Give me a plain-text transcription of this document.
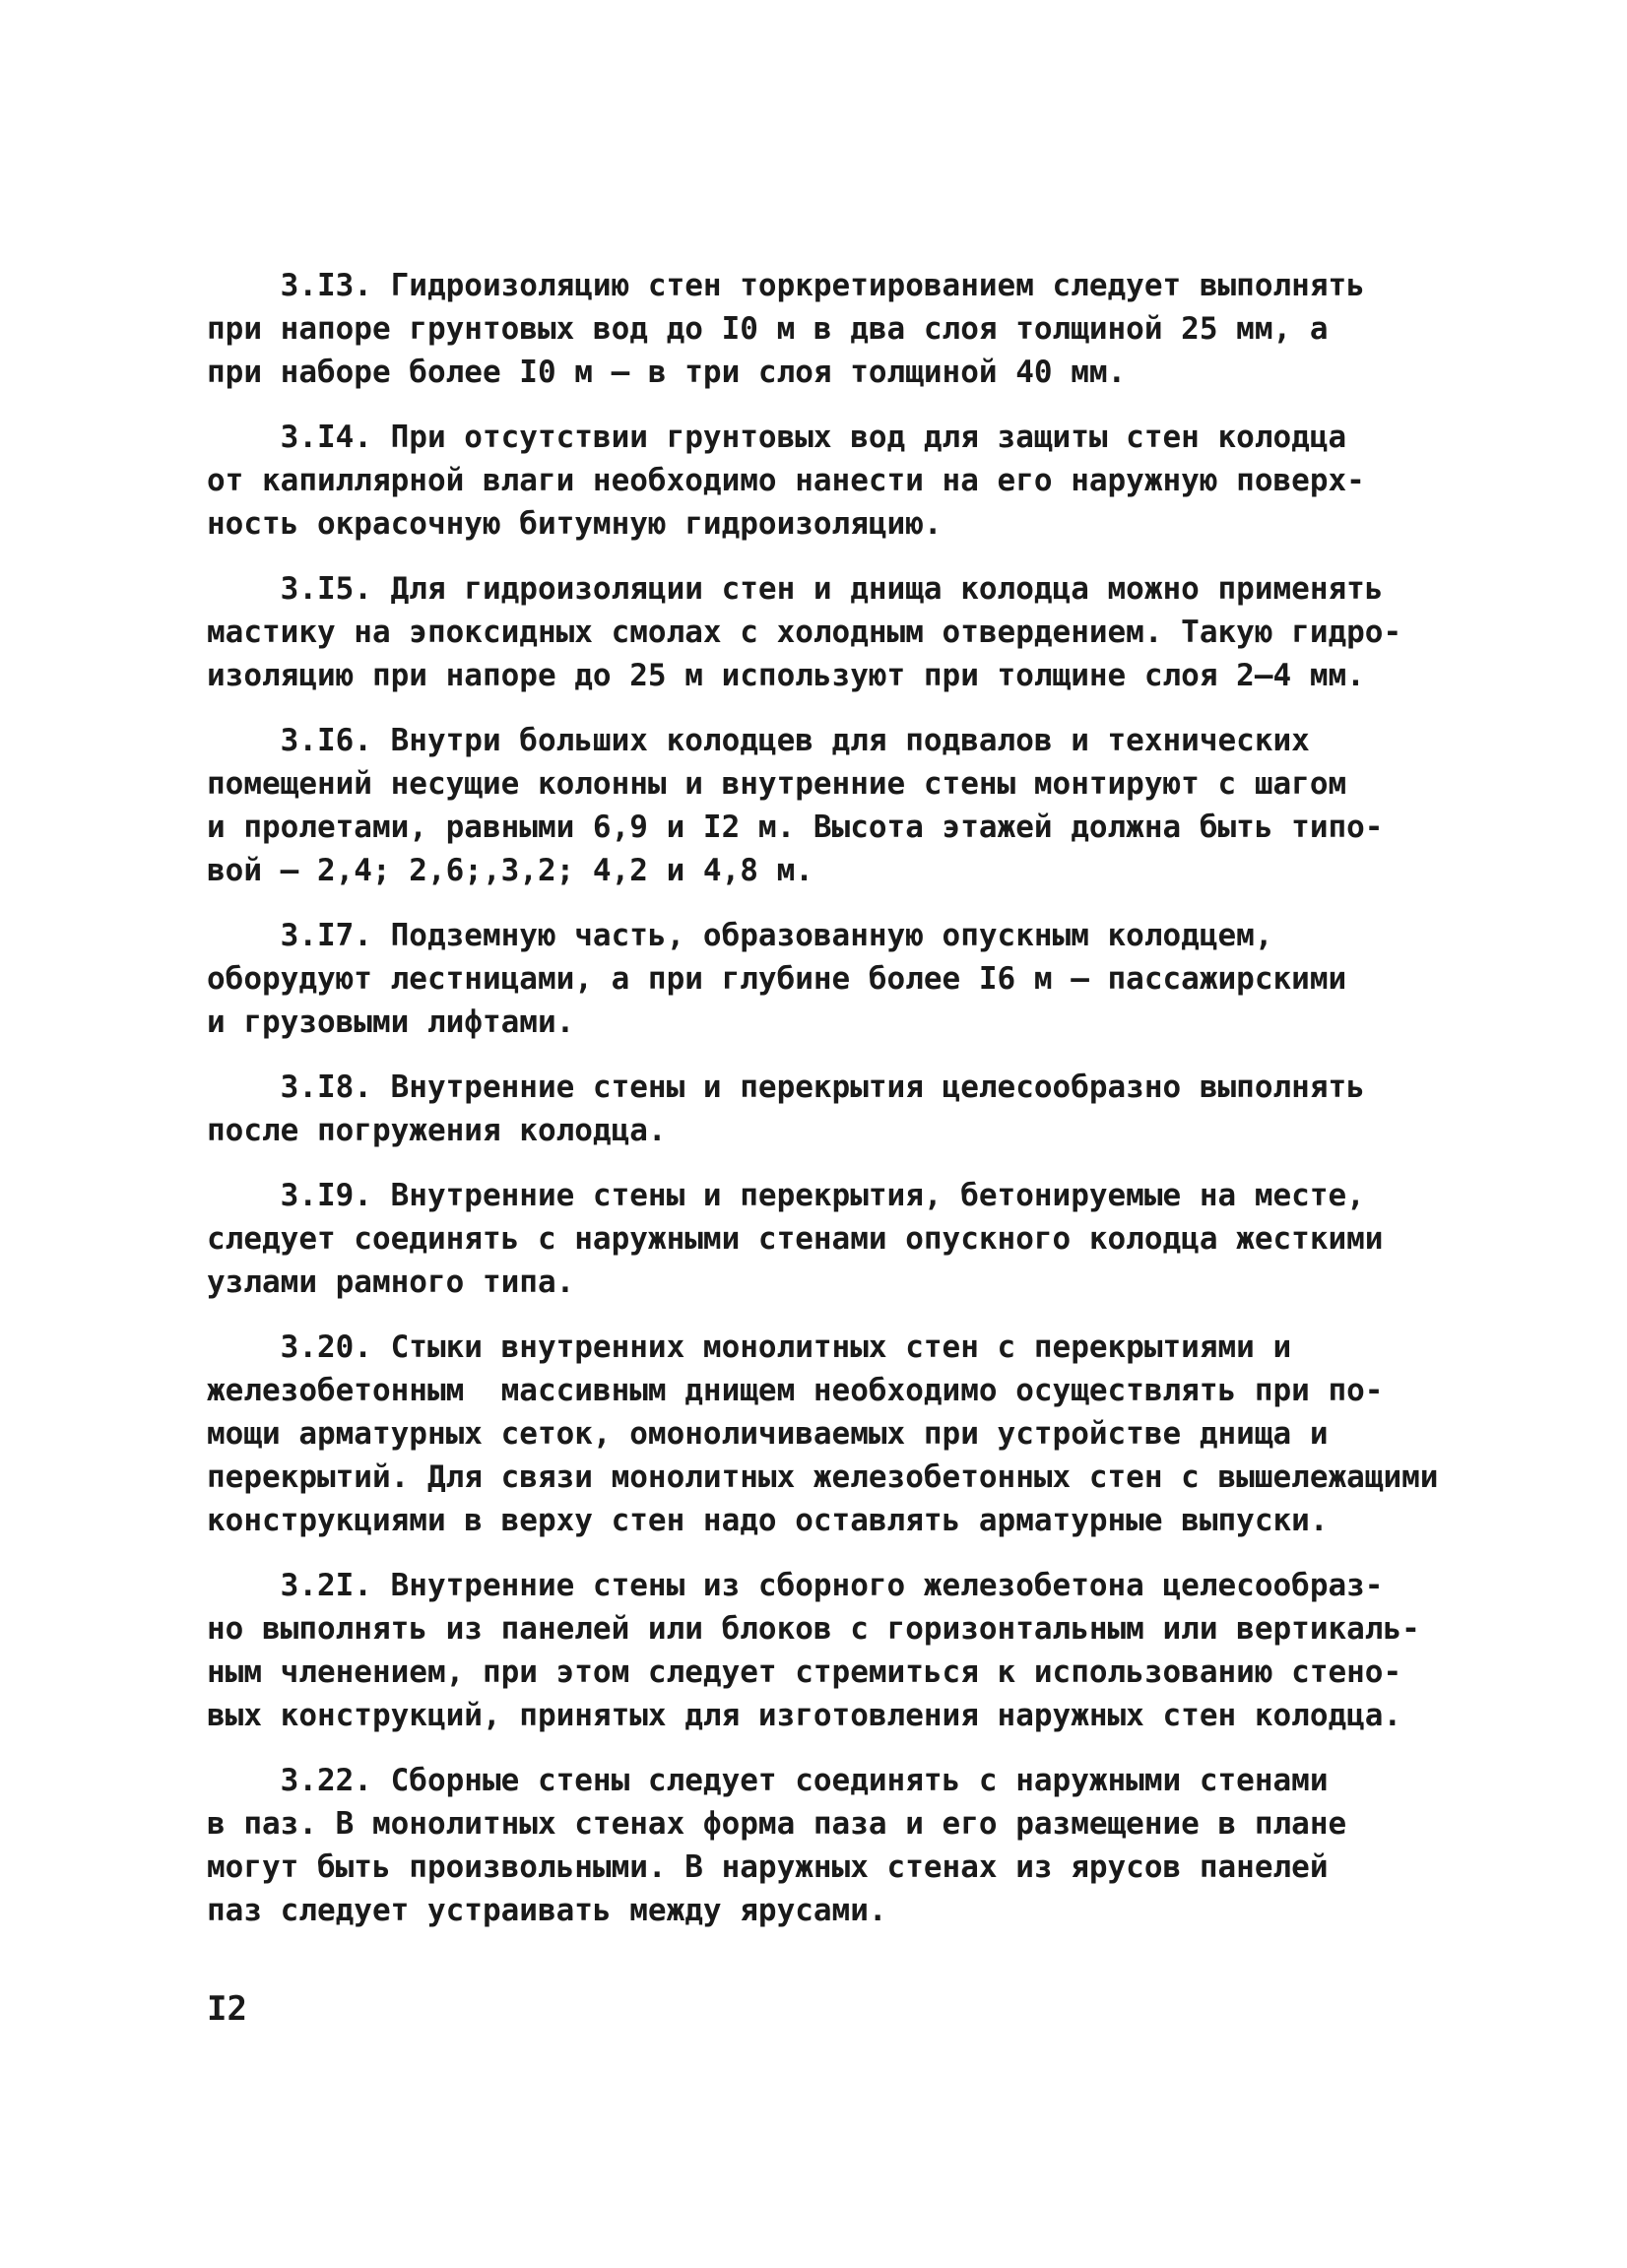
3.I3. Гидроизоляцию стен торкретированием следует выполнять
при напоре грунтовых вод до I0 м в два слоя толщиной 25 мм, а
при наборе более I0 м – в три слоя толщиной 40 мм.
3.I4. При отсутствии грунтовых вод для защиты стен колодца
от капиллярной влаги необходимо нанести на его наружную поверх-
ность окрасочную битумную гидроизоляцию.
3.I5. Для гидроизоляции стен и днища колодца можно применять
мастику на эпоксидных смолах с холодным отвердением. Такую гидро-
изоляцию при напоре до 25 м используют при толщине слоя 2–4 мм.
3.I6. Внутри больших колодцев для подвалов и технических
помещений несущие колонны и внутренние стены монтируют с шагом
и пролетами, равными 6,9 и I2 м. Высота этажей должна быть типо-
вой – 2,4; 2,6;,3,2; 4,2 и 4,8 м.
3.I7. Подземную часть, образованную опускным колодцем,
оборудуют лестницами, а при глубине более I6 м – пассажирскими
и грузовыми лифтами.
3.I8. Внутренние стены и перекрытия целесообразно выполнять
после погружения колодца.
3.I9. Внутренние стены и перекрытия, бетонируемые на месте,
следует соединять с наружными стенами опускного колодца жесткими
узлами рамного типа.
3.20. Стыки внутренних монолитных стен с перекрытиями и
железобетонным  массивным днищем необходимо осуществлять при по-
мощи арматурных сеток, омоноличиваемых при устройстве днища и
перекрытий. Для связи монолитных железобетонных стен с вышележащими
конструкциями в верху стен надо оставлять арматурные выпуски.
3.2I. Внутренние стены из сборного железобетона целесообраз-
но выполнять из панелей или блоков с горизонтальным или вертикаль-
ным членением, при этом следует стремиться к использованию стено-
вых конструкций, принятых для изготовления наружных стен колодца.
3.22. Сборные стены следует соединять с наружными стенами
в паз. В монолитных стенах форма паза и его размещение в плане
могут быть произвольными. В наружных стенах из ярусов панелей
паз следует устраивать между ярусами.
I2
